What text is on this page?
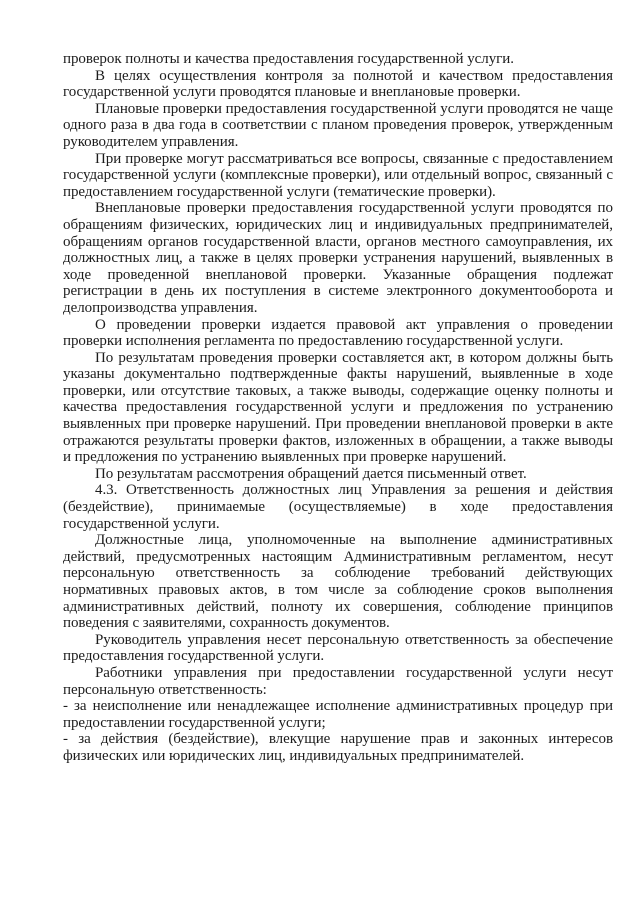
проверок полноты и качества предоставления государственной услуги.

В целях осуществления контроля за полнотой и качеством предоставления государственной услуги проводятся плановые и внеплановые проверки.

Плановые проверки предоставления государственной услуги проводятся не чаще одного раза в два года в соответствии с планом проведения проверок, утвержденным руководителем управления.

При проверке могут рассматриваться все вопросы, связанные с предоставлением государственной услуги (комплексные проверки), или отдельный вопрос, связанный с предоставлением государственной услуги (тематические проверки).

Внеплановые проверки предоставления государственной услуги проводятся по обращениям физических, юридических лиц и индивидуальных предпринимателей, обращениям органов государственной власти, органов местного самоуправления, их должностных лиц, а также в целях проверки устранения нарушений, выявленных в ходе проведенной внеплановой проверки. Указанные обращения подлежат регистрации в день их поступления в системе электронного документооборота и делопроизводства управления.

О проведении проверки издается правовой акт управления о проведении проверки исполнения регламента по предоставлению государственной услуги.

По результатам проведения проверки составляется акт, в котором должны быть указаны документально подтвержденные факты нарушений, выявленные в ходе проверки, или отсутствие таковых, а также выводы, содержащие оценку полноты и качества предоставления государственной услуги и предложения по устранению выявленных при проверке нарушений. При проведении внеплановой проверки в акте отражаются результаты проверки фактов, изложенных в обращении, а также выводы и предложения по устранению выявленных при проверке нарушений.

По результатам рассмотрения обращений дается письменный ответ.

4.3. Ответственность должностных лиц Управления за решения и действия (бездействие), принимаемые (осуществляемые) в ходе предоставления государственной услуги.

Должностные лица, уполномоченные на выполнение административных действий, предусмотренных настоящим Административным регламентом, несут персональную ответственность за соблюдение требований действующих нормативных правовых актов, в том числе за соблюдение сроков выполнения административных действий, полноту их совершения, соблюдение принципов поведения с заявителями, сохранность документов.

Руководитель управления несет персональную ответственность за обеспечение предоставления государственной услуги.

Работники управления при предоставлении государственной услуги несут персональную ответственность:

- за неисполнение или ненадлежащее исполнение административных процедур при предоставлении государственной услуги;

- за действия (бездействие), влекущие нарушение прав и законных интересов физических или юридических лиц, индивидуальных предпринимателей.
